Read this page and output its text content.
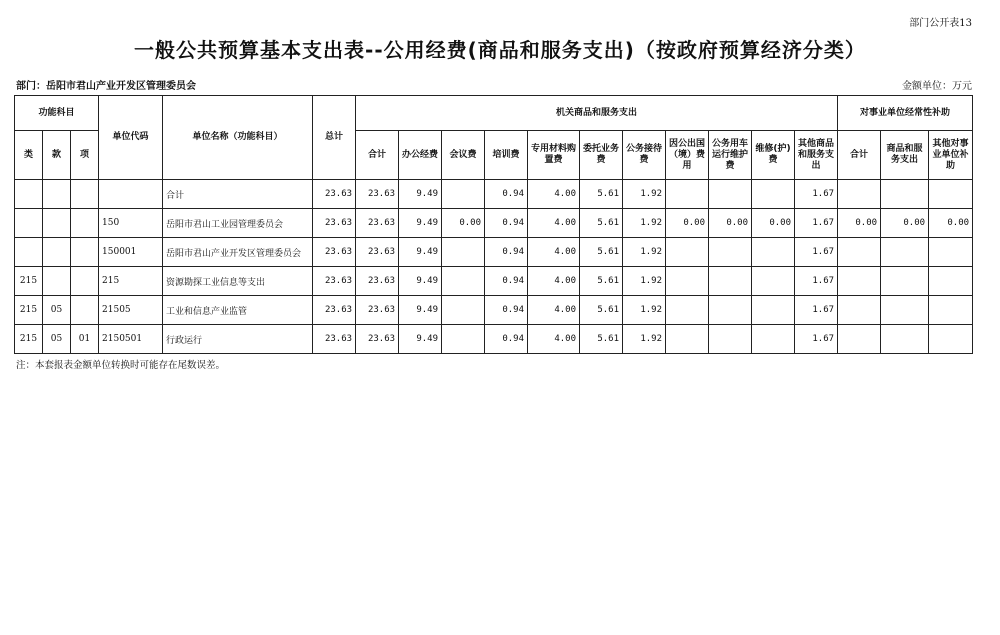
部门公开表13
一般公共预算基本支出表--公用经费(商品和服务支出)（按政府预算经济分类）
部门：岳阳市君山产业开发区管理委员会	金额单位：万元
功能科目			单位代码	单位名称（功能科目）	总计	机关商品和服务支出											对事业单位经常性补助		
类	款	项				合计	办公经费	会议费	培训费	专用材料购置费	委托业务费	公务接待费	因公出国（境）费用	公务用车运行维护费	维修(护)费	其他商品和服务支出	合计	商品和服务支出	其他对事业单位补助
				合计	23.63	23.63	9.49		0.94	4.00	5.61	1.92				1.67			
			150	岳阳市君山工业园管理委员会	23.63	23.63	9.49	0.00	0.94	4.00	5.61	1.92	0.00	0.00	0.00	1.67	0.00	0.00	0.00
			150001	岳阳市君山产业开发区管理委员会	23.63	23.63	9.49		0.94	4.00	5.61	1.92				1.67			
215			215	资源勘探工业信息等支出	23.63	23.63	9.49		0.94	4.00	5.61	1.92				1.67			
215	05		21505	工业和信息产业监管	23.63	23.63	9.49		0.94	4.00	5.61	1.92				1.67			
215	05	01	2150501	行政运行	23.63	23.63	9.49		0.94	4.00	5.61	1.92				1.67			
注：本套报表金额单位转换时可能存在尾数误差。
